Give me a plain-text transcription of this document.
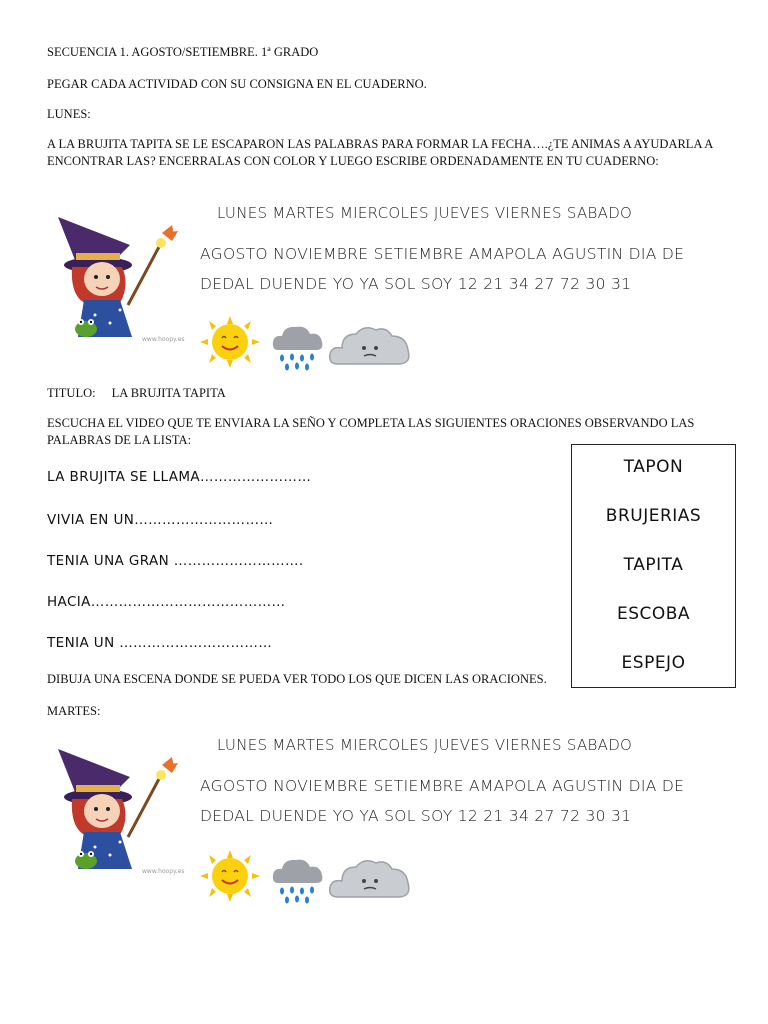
SECUENCIA 1. AGOSTO/SETIEMBRE. 1ª GRADO

PEGAR CADA ACTIVIDAD CON SU CONSIGNA EN EL CUADERNO.

LUNES:

A LA BRUJITA TAPITA SE LE ESCAPARON LAS PALABRAS PARA FORMAR LA FECHA….¿TE ANIMAS A AYUDARLA A ENCONTRAR LAS? ENCERRALAS CON COLOR Y LUEGO ESCRIBE ORDENADAMENTE EN TU CUADERNO:

www.hoopy.es
LUNES MARTES MIERCOLES JUEVES VIERNES SABADO
AGOSTO NOVIEMBRE SETIEMBRE AMAPOLA AGUSTIN DIA DE
DEDAL DUENDE YO YA SOL SOY 12 21 34 27 72 30 31

TITULO: LA BRUJITA TAPITA

ESCUCHA EL VIDEO QUE TE ENVIARA LA SEÑO Y COMPLETA LAS SIGUIENTES ORACIONES OBSERVANDO LAS PALABRAS DE LA LISTA:

LA BRUJITA SE LLAMA……………………
VIVIA EN UN…………………………
TENIA UNA GRAN ……………………….
HACIA……………………………………
TENIA UN ……………………………
TAPON
BRUJERIAS
TAPITA
ESCOBA
ESPEJO

DIBUJA UNA ESCENA DONDE SE PUEDA VER TODO LOS QUE DICEN LAS ORACIONES.

MARTES:

www.hoopy.es
LUNES MARTES MIERCOLES JUEVES VIERNES SABADO
AGOSTO NOVIEMBRE SETIEMBRE AMAPOLA AGUSTIN DIA DE
DEDAL DUENDE YO YA SOL SOY 12 21 34 27 72 30 31
